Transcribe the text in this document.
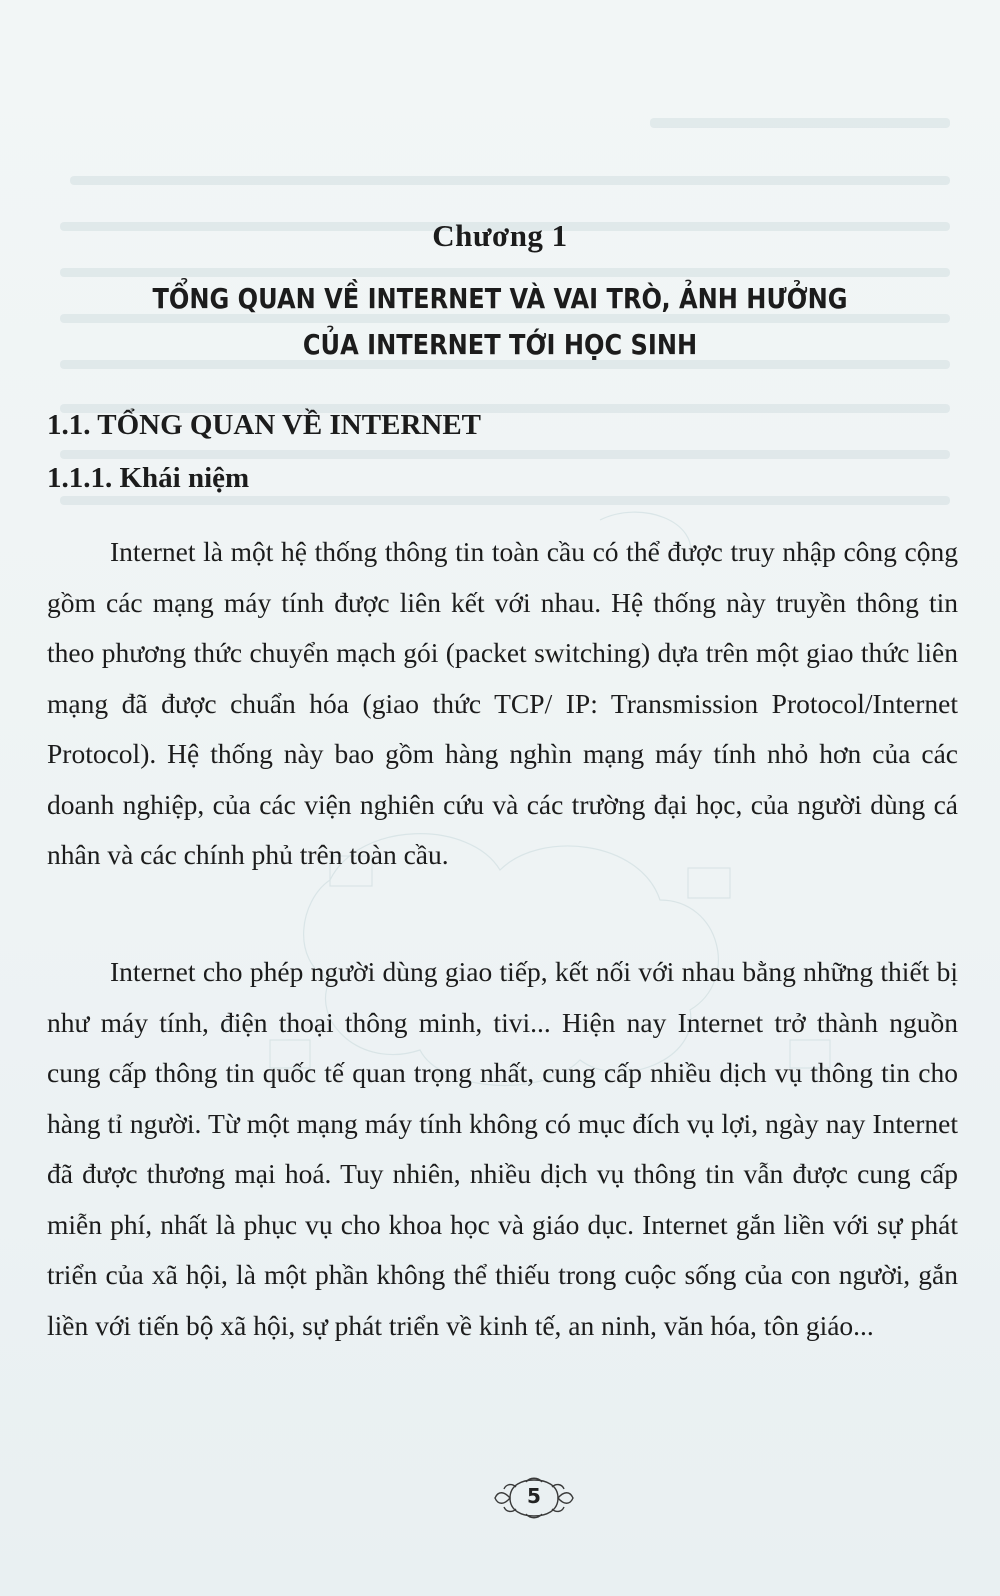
Chương 1
TỔNG QUAN VỀ INTERNET VÀ VAI TRÒ, ẢNH HƯỞNG
CỦA INTERNET TỚI HỌC SINH
1.1. TỔNG QUAN VỀ INTERNET
1.1.1. Khái niệm

Internet là một hệ thống thông tin toàn cầu có thể được truy nhập công cộng gồm các mạng máy tính được liên kết với nhau. Hệ thống này truyền thông tin theo phương thức chuyển mạch gói (packet switching) dựa trên một giao thức liên mạng đã được chuẩn hóa (giao thức TCP/ IP: Transmission Protocol/Internet Protocol). Hệ thống này bao gồm hàng nghìn mạng máy tính nhỏ hơn của các doanh nghiệp, của các viện nghiên cứu và các trường đại học, của người dùng cá nhân và các chính phủ trên toàn cầu.

Internet cho phép người dùng giao tiếp, kết nối với nhau bằng những thiết bị như máy tính, điện thoại thông minh, tivi... Hiện nay Internet trở thành nguồn cung cấp thông tin quốc tế quan trọng nhất, cung cấp nhiều dịch vụ thông tin cho hàng tỉ người. Từ một mạng máy tính không có mục đích vụ lợi, ngày nay Internet đã được thương mại hoá. Tuy nhiên, nhiều dịch vụ thông tin vẫn được cung cấp miễn phí, nhất là phục vụ cho khoa học và giáo dục. Internet gắn liền với sự phát triển của xã hội, là một phần không thể thiếu trong cuộc sống của con người, gắn liền với tiến bộ xã hội, sự phát triển về kinh tế, an ninh, văn hóa, tôn giáo...

5
